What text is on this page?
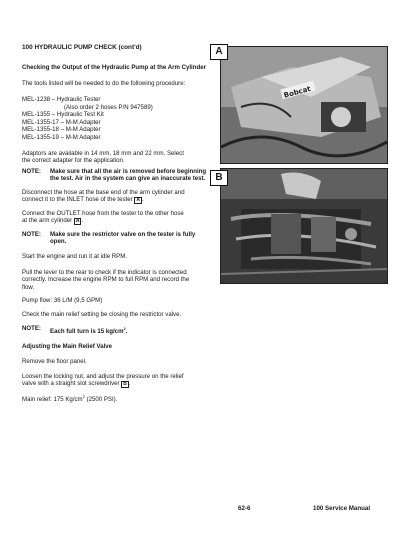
100 HYDRAULIC PUMP CHECK (cont'd)

Checking the Output of the Hydraulic Pump at the Arm Cylinder

The tools listed will be needed to do the following procedure:

MEL-1238 – Hydraulic Tester

(Also order 2 hoses P/N 947589)

MEL-1355 – Hydraulic Test Kit

MEL-1355-17 – M-M Adapter

MEL-1355-18 – M-M Adapter

MEL-1355-19 – M-M Adapter

Adaptors are available in 14 mm, 18 mm and 22 mm. Select
the correct adapter for the application.

NOTE:	Make sure that all the air is removed before beginning
the test. Air in the system can give an inaccurate test.

Disconnect the hose at the base end of the arm cylinder and
connect it to the INLET hose of the tester A .

Connect the OUTLET hose from the tester to the other hose
at the arm cylinder A .

NOTE:	Make sure the restrictor valve on the tester is fully
open.

Start the engine and run it at idle RPM.

Pull the lever to the rear to check if the indicator is connected
correctly. Increase the engine RPM to full RPM and record the
flow.

Pump flow: 36 L/M (9,5 GPM)

Check the main relief setting be closing the restrictor valve.

NOTE:	Each full turn is 15 $kg/cm^2$.

Adjusting the Main Relief Valve

Remove the floor panel.

Loosen the locking nut, and adjust the pressure on the relief
valve with a straight slot screwdriver B .

Main relief: 175 $Kg/cm^2$ (2500 PSI).

Bobcat
A
B
62-6	100 Service Manual
